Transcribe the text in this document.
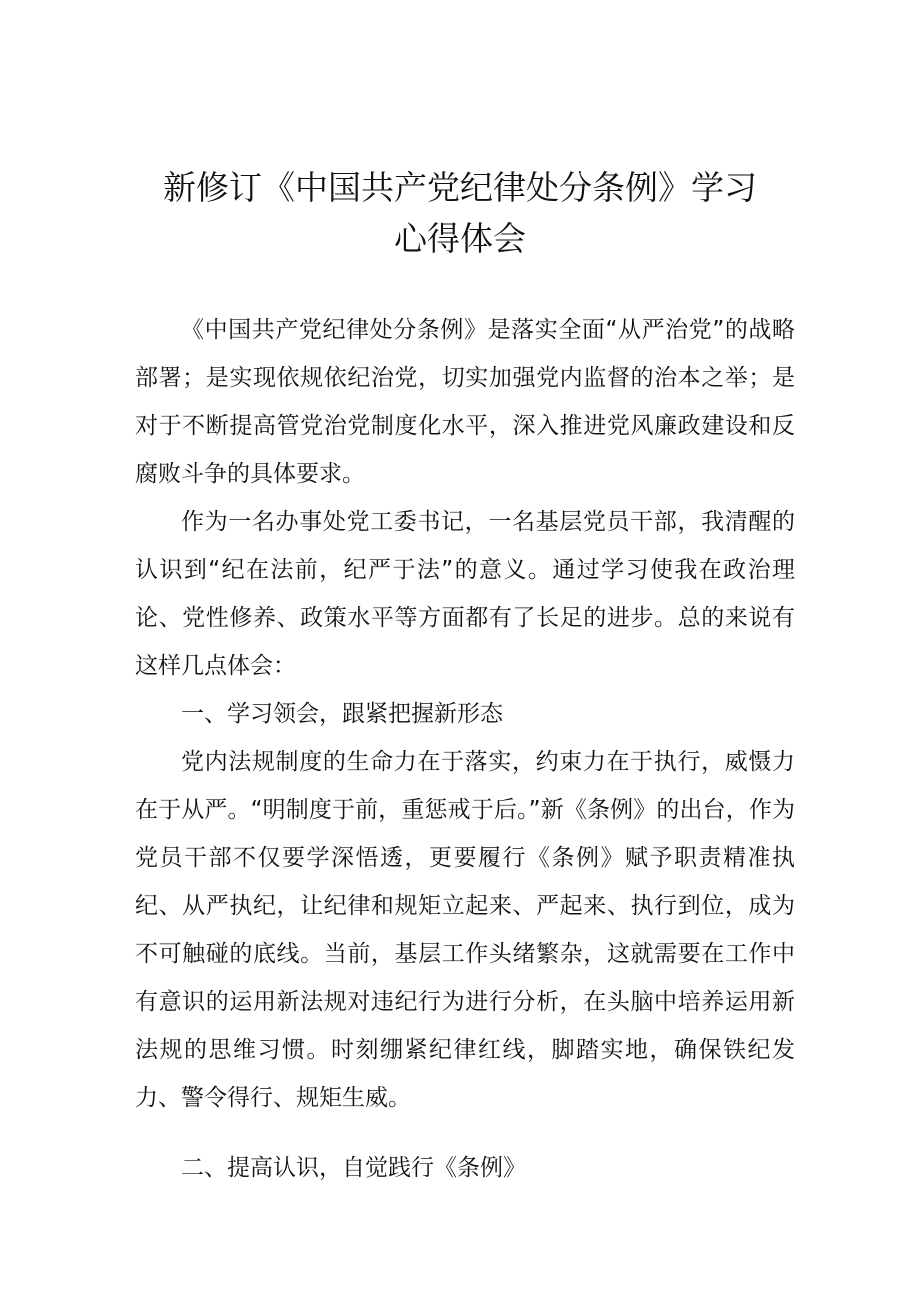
新修订《中国共产党纪律处分条例》学习
心得体会

《中国共产党纪律处分条例》是落实全面“从严治党”的战略部署；是实现依规依纪治党，切实加强党内监督的治本之举；是对于不断提高管党治党制度化水平，深入推进党风廉政建设和反腐败斗争的具体要求。

作为一名办事处党工委书记，一名基层党员干部，我清醒的认识到“纪在法前，纪严于法”的意义。通过学习使我在政治理论、党性修养、政策水平等方面都有了长足的进步。总的来说有这样几点体会：

一、学习领会，跟紧把握新形态

党内法规制度的生命力在于落实，约束力在于执行，威慑力在于从严。“明制度于前，重惩戒于后。”新《条例》的出台，作为党员干部不仅要学深悟透，更要履行《条例》赋予职责精准执纪、从严执纪，让纪律和规矩立起来、严起来、执行到位，成为不可触碰的底线。当前，基层工作头绪繁杂，这就需要在工作中有意识的运用新法规对违纪行为进行分析，在头脑中培养运用新法规的思维习惯。时刻绷紧纪律红线，脚踏实地，确保铁纪发力、警令得行、规矩生威。

二、提高认识，自觉践行《条例》
